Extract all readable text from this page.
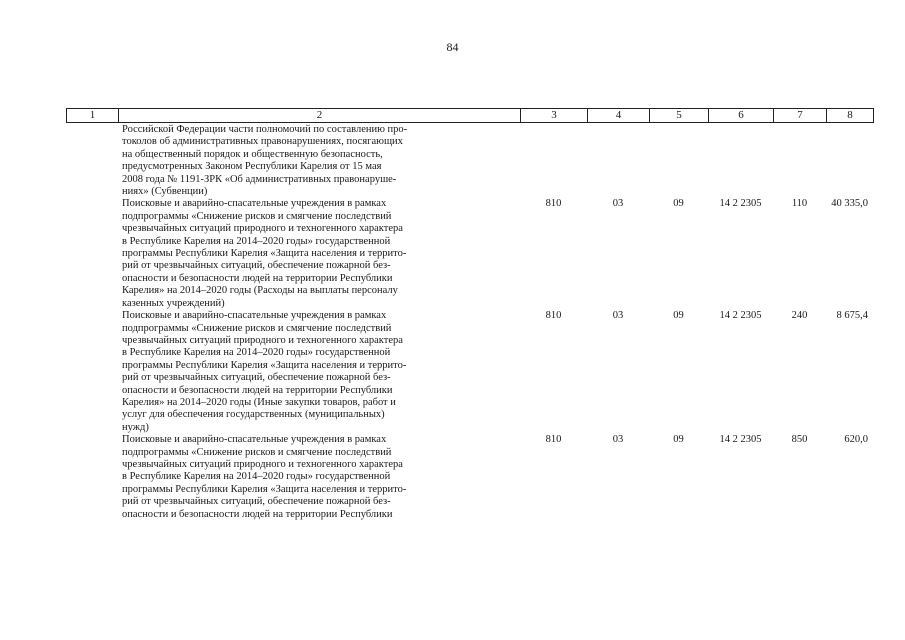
84
1	2	3	4	5	6	7	8
Российской Федерации части полномочий по составлению про-
токолов об административных правонарушениях, посягающих
на общественный порядок и общественную безопасность,
предусмотренных Законом Республики Карелия от 15 мая
2008 года № 1191-ЗРК «Об административных правонаруше-
ниях» (Субвенции)
Поисковые и аварийно-спасательные учреждения в рамках
подпрограммы «Снижение рисков и смягчение последствий
чрезвычайных ситуаций природного и техногенного характера
в Республике Карелия на 2014–2020 годы» государственной
программы Республики Карелия «Защита населения и террито-
рий от чрезвычайных ситуаций, обеспечение пожарной без-
опасности и безопасности людей на территории Республики
Карелия» на 2014–2020 годы (Расходы на выплаты персоналу
казенных учреждений)
810	03	09	14 2 2305	110	40 335,0
Поисковые и аварийно-спасательные учреждения в рамках
подпрограммы «Снижение рисков и смягчение последствий
чрезвычайных ситуаций природного и техногенного характера
в Республике Карелия на 2014–2020 годы» государственной
программы Республики Карелия «Защита населения и террито-
рий от чрезвычайных ситуаций, обеспечение пожарной без-
опасности и безопасности людей на территории Республики
Карелия» на 2014–2020 годы (Иные закупки товаров, работ и
услуг для обеспечения государственных (муниципальных)
нужд)
810	03	09	14 2 2305	240	8 675,4
Поисковые и аварийно-спасательные учреждения в рамках
подпрограммы «Снижение рисков и смягчение последствий
чрезвычайных ситуаций природного и техногенного характера
в Республике Карелия на 2014–2020 годы» государственной
программы Республики Карелия «Защита населения и террито-
рий от чрезвычайных ситуаций, обеспечение пожарной без-
опасности и безопасности людей на территории Республики
810	03	09	14 2 2305	850	620,0
